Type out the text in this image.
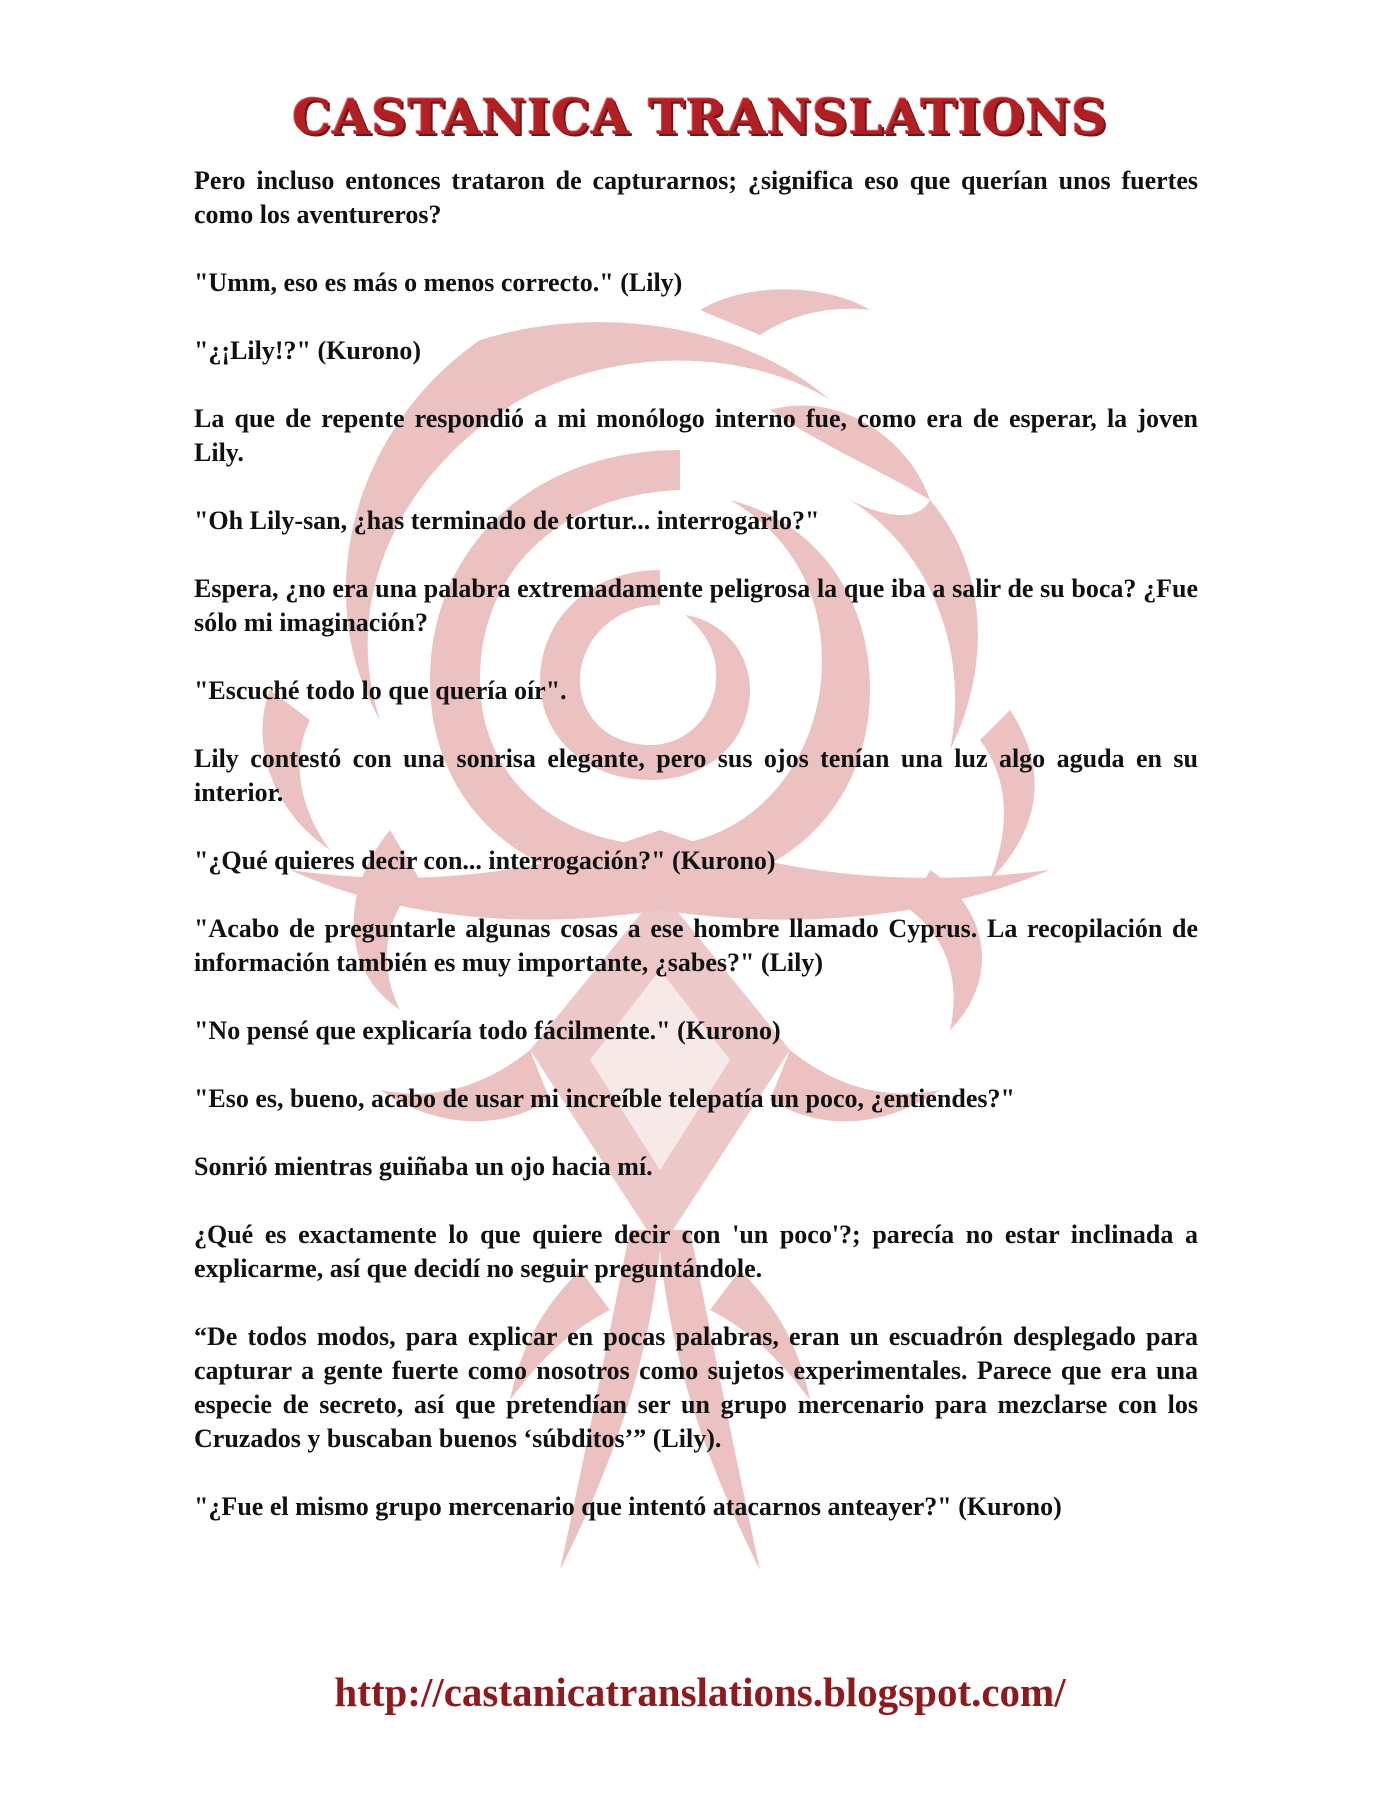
CASTANICA TRANSLATIONS

Pero incluso entonces trataron de capturarnos; ¿significa eso que querían unos fuertes como los aventureros?

"Umm, eso es más o menos correcto." (Lily)

"¿¡Lily!?" (Kurono)

La que de repente respondió a mi monólogo interno fue, como era de esperar, la joven Lily.

"Oh Lily-san, ¿has terminado de tortur... interrogarlo?"

Espera, ¿no era una palabra extremadamente peligrosa la que iba a salir de su boca? ¿Fue sólo mi imaginación?

"Escuché todo lo que quería oír".

Lily contestó con una sonrisa elegante, pero sus ojos tenían una luz algo aguda en su interior.

"¿Qué quieres decir con... interrogación?" (Kurono)

"Acabo de preguntarle algunas cosas a ese hombre llamado Cyprus. La recopilación de información también es muy importante, ¿sabes?" (Lily)

"No pensé que explicaría todo fácilmente." (Kurono)

"Eso es, bueno, acabo de usar mi increíble telepatía un poco, ¿entiendes?"

Sonrió mientras guiñaba un ojo hacia mí.

¿Qué es exactamente lo que quiere decir con 'un poco'?; parecía no estar inclinada a explicarme, así que decidí no seguir preguntándole.

“De todos modos, para explicar en pocas palabras, eran un escuadrón desplegado para capturar a gente fuerte como nosotros como sujetos experimentales. Parece que era una especie de secreto, así que pretendían ser un grupo mercenario para mezclarse con los Cruzados y buscaban buenos ‘súbditos’” (Lily).

"¿Fue el mismo grupo mercenario que intentó atacarnos anteayer?" (Kurono)

http://castanicatranslations.blogspot.com/
